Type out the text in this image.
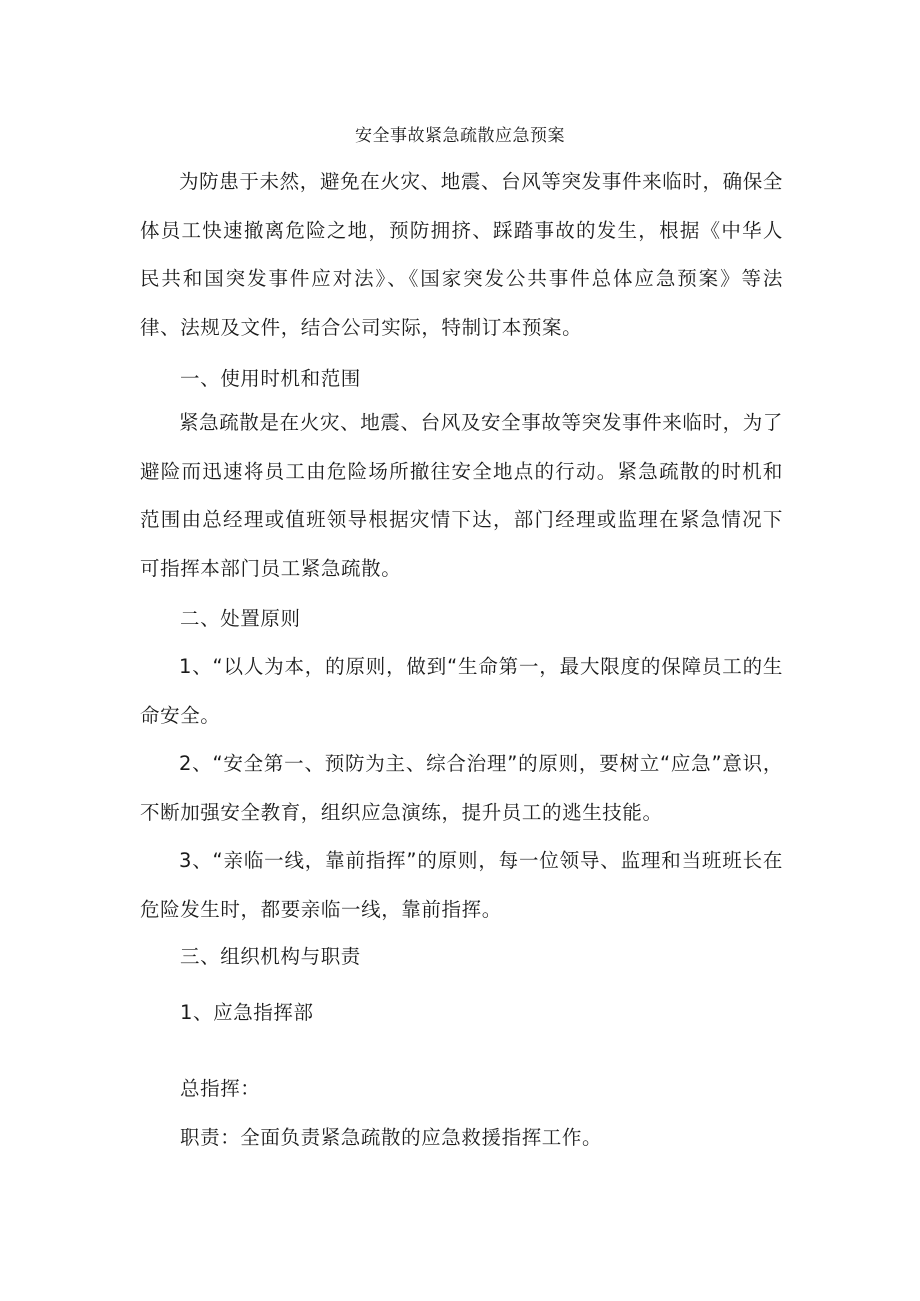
安全事故紧急疏散应急预案

为防患于未然，避免在火灾、地震、台风等突发事件来临时，确保全体员工快速撤离危险之地，预防拥挤、踩踏事故的发生，根据《中华人民共和国突发事件应对法》、《国家突发公共事件总体应急预案》等法律、法规及文件，结合公司实际，特制订本预案。

一、使用时机和范围

紧急疏散是在火灾、地震、台风及安全事故等突发事件来临时，为了避险而迅速将员工由危险场所撤往安全地点的行动。紧急疏散的时机和范围由总经理或值班领导根据灾情下达，部门经理或监理在紧急情况下可指挥本部门员工紧急疏散。

二、处置原则

1、“以人为本，的原则，做到“生命第一，最大限度的保障员工的生命安全。

2、“安全第一、预防为主、综合治理”的原则，要树立“应急”意识，不断加强安全教育，组织应急演练，提升员工的逃生技能。

3、“亲临一线，靠前指挥”的原则，每一位领导、监理和当班班长在危险发生时，都要亲临一线，靠前指挥。

三、组织机构与职责
1、应急指挥部
总指挥：
职责：全面负责紧急疏散的应急救援指挥工作。
